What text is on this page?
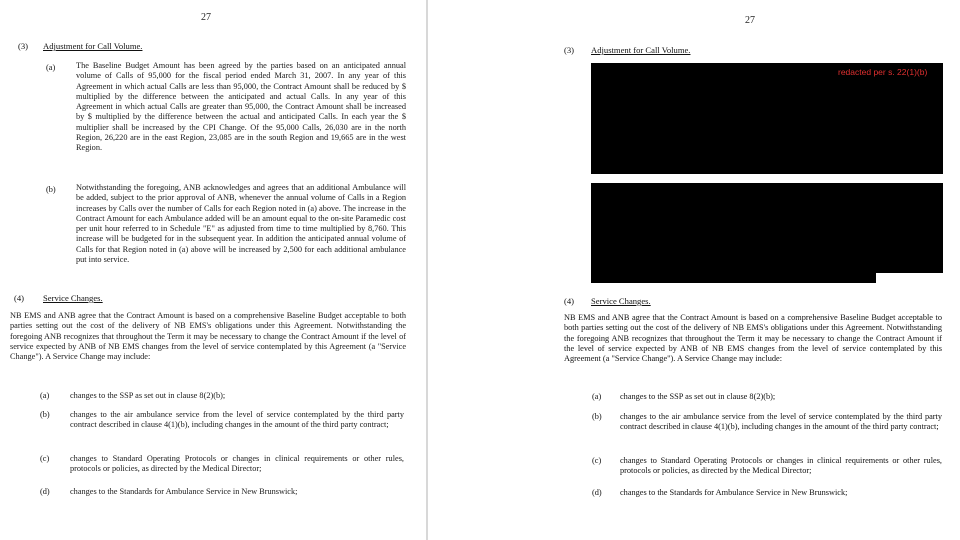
27
(3) Adjustment for Call Volume.
(a)	The Baseline Budget Amount has been agreed by the parties based on an anticipated annual volume of Calls of 95,000 for the fiscal period ended March 31, 2007. In any year of this Agreement in which actual Calls are less than 95,000, the Contract Amount shall be reduced by $ multiplied by the difference between the anticipated and actual Calls. In any year of this Agreement in which actual Calls are greater than 95,000, the Contract Amount shall be increased by $ multiplied by the difference between the actual and anticipated Calls. In each year the $ multiplier shall be increased by the CPI Change. Of the 95,000 Calls, 26,030 are in the north Region, 26,220 are in the east Region, 23,085 are in the south Region and 19,665 are in the west Region.
(b) Notwithstanding the foregoing, ANB acknowledges and agrees that an additional Ambulance will be added, subject to the prior approval of ANB, whenever the annual volume of Calls in a Region increases by Calls over the number of Calls for each Region noted in (a) above. The increase in the Contract Amount for each Ambulance added will be an amount equal to the on-site Paramedic cost per unit hour referred to in Schedule "E" as adjusted from time to time multiplied by 8,760. This increase will be budgeted for in the subsequent year. In addition the anticipated annual volume of Calls for that Region noted in (a) above will be increased by 2,500 for each additional ambulance put into service.
(4) Service Changes.
NB EMS and ANB agree that the Contract Amount is based on a comprehensive Baseline Budget acceptable to both parties setting out the cost of the delivery of NB EMS's obligations under this Agreement. Notwithstanding the foregoing ANB recognizes that throughout the Term it may be necessary to change the Contract Amount if the level of service expected by ANB of NB EMS changes from the level of service contemplated by this Agreement (a "Service Change"). A Service Change may include:
(a)	changes to the SSP as set out in clause 8(2)(b);
(b) changes to the air ambulance service from the level of service contemplated by the third party contract described in clause 4(1)(b), including changes in the amount of the third party contract;
(c)	changes to Standard Operating Protocols or changes in clinical requirements or other rules, protocols or policies, as directed by the Medical Director;
(d) changes to the Standards for Ambulance Service in New Brunswick;
27
(3) Adjustment for Call Volume.
redacted per s. 22(1)(b)
(4) Service Changes.
NB EMS and ANB agree that the Contract Amount is based on a comprehensive Baseline Budget acceptable to both parties setting out the cost of the delivery of NB EMS's obligations under this Agreement. Notwithstanding the foregoing ANB recognizes that throughout the Term it may be necessary to change the Contract Amount if the level of service expected by ANB of NB EMS changes from the level of service contemplated by this Agreement (a "Service Change"). A Service Change may include:
(a) changes to the SSP as set out in clause 8(2)(b);
(b) changes to the air ambulance service from the level of service contemplated by the third party contract described in clause 4(1)(b), including changes in the amount of the third party contract;
(c) changes to Standard Operating Protocols or changes in clinical requirements or other rules, protocols or policies, as directed by the Medical Director;
(d) changes to the Standards for Ambulance Service in New Brunswick;
